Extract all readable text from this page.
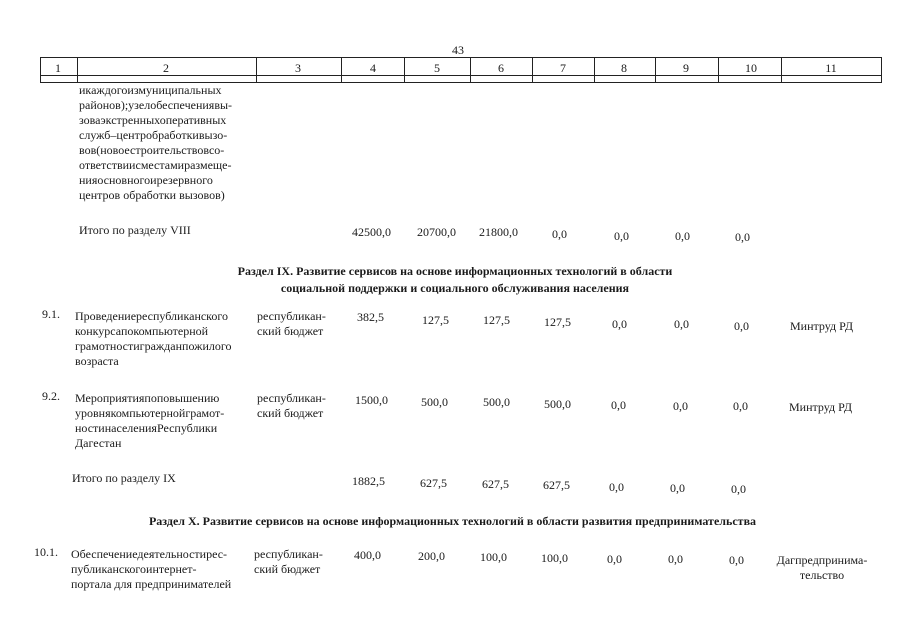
43
1	2	3	4	5	6	7	8	9	10	11
икаждогоизмуниципальных
районов);узелобеспечениявы-
зоваэкстренныхоперативных
служб–центробработкивызо-
вов(новоестроительствовсо-
ответствиисместамиразмеще-
нияосновногоирезервного
центров обработки вызовов)
Итого по разделу VIII	42500,0 20700,0 21800,0	0,0	0,0	0,0	0,0
Раздел IX. Развитие сервисов на основе информационных технологий в области
социальной поддержки и социального обслуживания населения
9.1. Проведениереспубликанского
конкурсапокомпьютерной
грамотностигражданпожилого
возраста
республикан-
ский бюджет
382,5	127,5	127,5	127,5	0,0	0,0	0,0	Минтруд РД
9.2. Мероприятияпоповышению
уровнякомпьютернойграмот-
ностинаселенияРеспублики
Дагестан
республикан-
ский бюджет
1500,0	500,0	500,0	500,0	0,0	0,0	0,0	Минтруд РД
Итого по разделу IX	1882,5	627,5	627,5	627,5	0,0	0,0	0,0
Раздел X. Развитие сервисов на основе информационных технологий в области развития предпринимательства
10.1. Обеспечениедеятельностирес-
публиканскогоинтернет-
портала для предпринимателей
республикан-
ский бюджет
400,0	200,0	100,0	100,0	0,0	0,0	0,0	Дагпредпринима-
тельство
